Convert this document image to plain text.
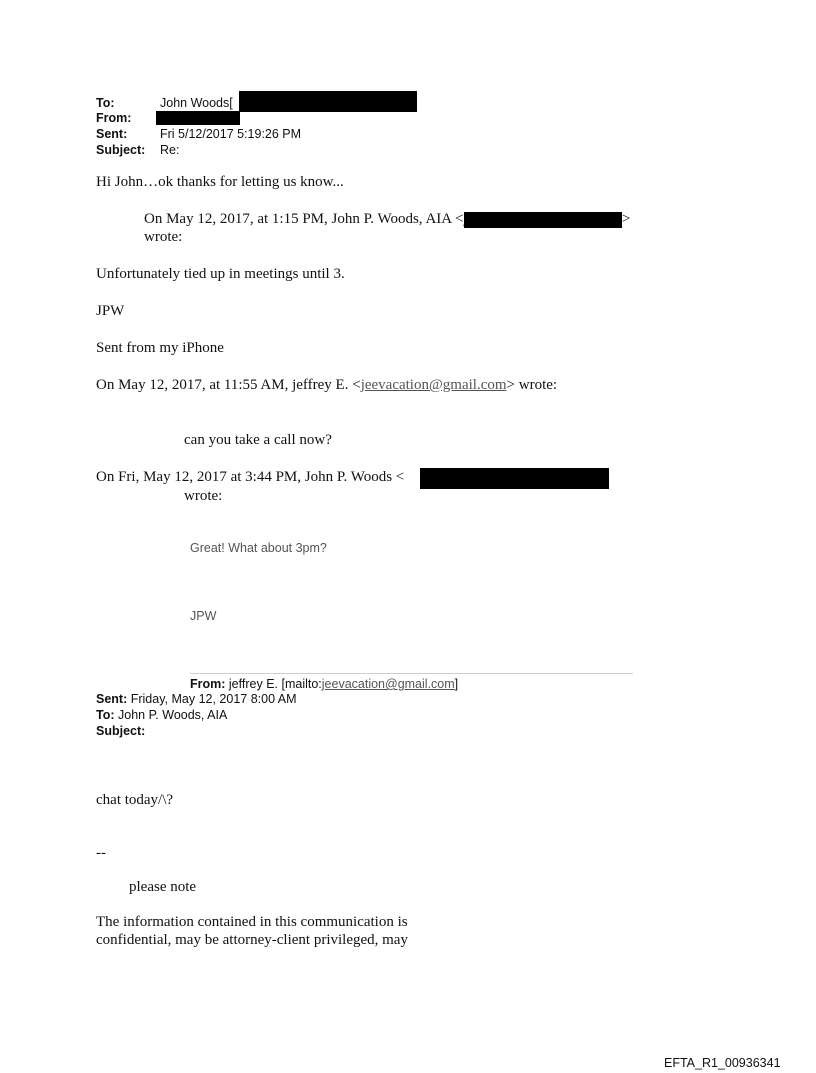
To:	John Woods[
From:
Sent:	Fri 5/12/2017 5:19:26 PM
Subject: Re:
Hi John…ok thanks for letting us know...
On May 12, 2017, at 1:15 PM, John P. Woods, AIA <	>
wrote:
Unfortunately tied up in meetings until 3.
JPW
Sent from my iPhone
On May 12, 2017, at 11:55 AM, jeffrey E. <jeevacation@gmail.com> wrote:
can you take a call now?
On Fri, May 12, 2017 at 3:44 PM, John P. Woods <
wrote:
Great! What about 3pm?
JPW
From: jeffrey E. [mailto:jeevacation@gmail.com]
Sent: Friday, May 12, 2017 8:00 AM
To: John P. Woods, AIA
Subject:
chat today/\?
--
please note
The information contained in this communication is
confidential, may be attorney-client privileged, may
EFTA_R1_00936341
